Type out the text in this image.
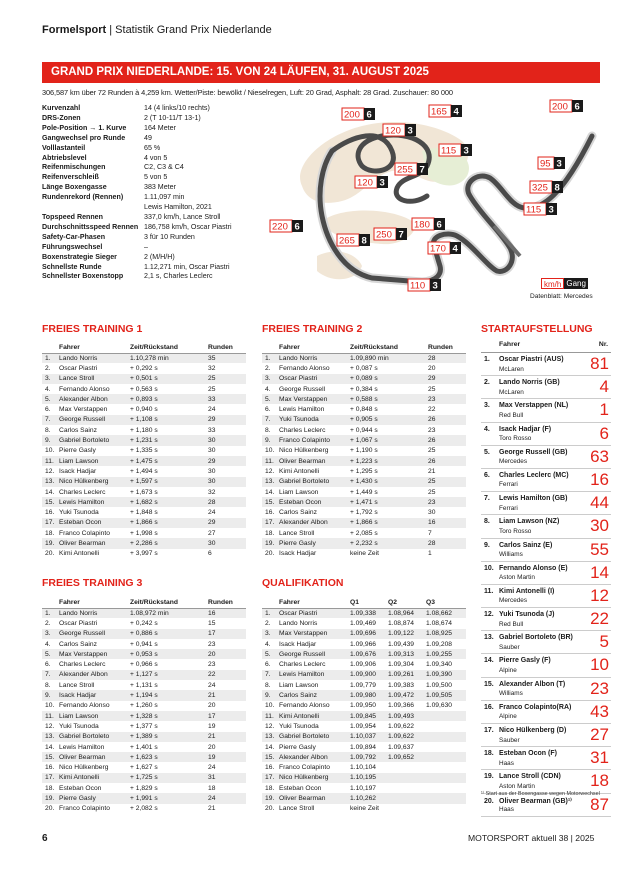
Formelsport | Statistik Grand Prix Niederlande
GRAND PRIX NIEDERLANDE: 15. VON 24 LÄUFEN, 31. AUGUST 2025
306,587 km über 72 Runden à 4,259 km. Wetter/Piste: bewölkt / Nieselregen, Luft: 20 Grad, Asphalt: 28 Grad. Zuschauer: 80 000
Kurvenzahl	14 (4 links/10 rechts)
DRS-Zonen	2 (T 10-11/T 13-1)
Pole-Position → 1. Kurve	164 Meter
Gangwechsel pro Runde	49
Volllastanteil	65 %
Abtriebslevel	4 von 5
Reifenmischungen	C2, C3 & C4
Reifenverschleiß	5 von 5
Länge Boxengasse	383 Meter
Rundenrekord (Rennen)	1.11,097 min
Lewis Hamilton, 2021
Topspeed Rennen	337,0 km/h, Lance Stroll
Durchschnittsspeed Rennen 186,758 km/h, Oscar Piastri
Safety-Car-Phasen	3 für 10 Runden
Führungswechsel	–
Boxenstrategie Sieger	2 (M/H/H)
Schnellste Runde	1.12,271 min, Oscar Piastri
Schnellster Boxenstopp	2,1 s, Charles Leclerc
200 6	165 4	200 6
120 3
115 3
95 3
255 7
120 3	325 8
115 3
220 6	180 6
250 7
265 8
170 4
110 3	km/h Gang
Datenblatt: Mercedes
FREIES TRAINING 1	FREIES TRAINING 2	STARTAUFSTELLUNG
FREIES TRAINING 3	QUALIFIKATION
	Fahrer	Zeit/Rückstand	Runden
1.	Lando Norris	1.10,278 min	35
2.	Oscar Piastri	+ 0,292 s	32
3.	Lance Stroll	+ 0,501 s	25
4.	Fernando Alonso	+ 0,563 s	25
5.	Alexander Albon	+ 0,893 s	33
6.	Max Verstappen	+ 0,940 s	24
7.	George Russell	+ 1,108 s	29
8.	Carlos Sainz	+ 1,180 s	33
9.	Gabriel Bortoleto	+ 1,231 s	30
10.	Pierre Gasly	+ 1,335 s	30
11.	Liam Lawson	+ 1,475 s	29
12.	Isack Hadjar	+ 1,494 s	30
13.	Nico Hülkenberg	+ 1,597 s	30
14.	Charles Leclerc	+ 1,673 s	32
15.	Lewis Hamilton	+ 1,682 s	28
16.	Yuki Tsunoda	+ 1,848 s	24
17.	Esteban Ocon	+ 1,866 s	29
18.	Franco Colapinto	+ 1,998 s	27
19.	Oliver Bearman	+ 2,286 s	30
20.	Kimi Antonelli	+ 3,997 s	6
	Fahrer	Zeit/Rückstand	Runden
1.	Lando Norris	1.09,890 min	28
2.	Fernando Alonso	+ 0,087 s	20
3.	Oscar Piastri	+ 0,089 s	29
4.	George Russell	+ 0,384 s	25
5.	Max Verstappen	+ 0,588 s	23
6.	Lewis Hamilton	+ 0,848 s	22
7.	Yuki Tsunoda	+ 0,905 s	26
8.	Charles Leclerc	+ 0,944 s	23
9.	Franco Colapinto	+ 1,067 s	26
10.	Nico Hülkenberg	+ 1,190 s	25
11.	Oliver Bearman	+ 1,223 s	26
12.	Kimi Antonelli	+ 1,295 s	21
13.	Gabriel Bortoleto	+ 1,430 s	25
14.	Liam Lawson	+ 1,449 s	25
15.	Esteban Ocon	+ 1,471 s	23
16.	Carlos Sainz	+ 1,792 s	30
17.	Alexander Albon	+ 1,866 s	16
18.	Lance Stroll	+ 2,085 s	7
19.	Pierre Gasly	+ 2,232 s	28
20.	Isack Hadjar	keine Zeit	1
	Fahrer	Zeit/Rückstand	Runden
1.	Lando Norris	1.08,972 min	16
2.	Oscar Piastri	+ 0,242 s	15
3.	George Russell	+ 0,886 s	17
4.	Carlos Sainz	+ 0,941 s	23
5.	Max Verstappen	+ 0,953 s	20
6.	Charles Leclerc	+ 0,966 s	23
7.	Alexander Albon	+ 1,127 s	22
8.	Lance Stroll	+ 1,131 s	24
9.	Isack Hadjar	+ 1,194 s	21
10.	Fernando Alonso	+ 1,260 s	20
11.	Liam Lawson	+ 1,328 s	17
12.	Yuki Tsunoda	+ 1,377 s	19
13.	Gabriel Bortoleto	+ 1,389 s	21
14.	Lewis Hamilton	+ 1,401 s	20
15.	Oliver Bearman	+ 1,623 s	19
16.	Nico Hülkenberg	+ 1,627 s	24
17.	Kimi Antonelli	+ 1,725 s	31
18.	Esteban Ocon	+ 1,829 s	18
19.	Pierre Gasly	+ 1,991 s	24
20.	Franco Colapinto	+ 2,082 s	21
	Fahrer	Q1	Q2	Q3
1.	Oscar Piastri	1.09,338	1.08,964	1.08,662
2.	Lando Norris	1.09,469	1.08,874	1.08,674
3.	Max Verstappen	1.09,696	1.09,122	1.08,925
4.	Isack Hadjar	1.09,966	1.09,439	1.09,208
5.	George Russell	1.09,676	1.09,313	1.09,255
6.	Charles Leclerc	1.09,906	1.09,304	1.09,340
7.	Lewis Hamilton	1.09,900	1.09,261	1.09,390
8.	Liam Lawson	1.09,779	1.09,383	1.09,500
9.	Carlos Sainz	1.09,980	1.09,472	1.09,505
10.	Fernando Alonso	1.09,950	1.09,366	1.09,630
11.	Kimi Antonelli	1.09,845	1.09,493	
12.	Yuki Tsunoda	1.09,954	1.09,622	
13.	Gabriel Bortoleto	1.10,037	1.09,622	
14.	Pierre Gasly	1.09,894	1.09,637	
15.	Alexander Albon	1.09,792	1.09,652	
16.	Franco Colapinto	1.10,104		
17.	Nico Hülkenberg	1.10,195		
18.	Esteban Ocon	1.10,197		
19.	Oliver Bearman	1.10,262		
20.	Lance Stroll	keine Zeit		
Fahrer	Nr.
1. Oscar Piastri (AUS)
McLaren	81
2. Lando Norris (GB)
McLaren	4
3. Max Verstappen (NL)
Red Bull	1
4. Isack Hadjar (F)
Toro Rosso	6
5. George Russell (GB)
Mercedes	63
6. Charles Leclerc (MC)
Ferrari	16
7. Lewis Hamilton (GB)
Ferrari	44
8. Liam Lawson (NZ)
Toro Rosso	30
9. Carlos Sainz (E)
Williams	55
10. Fernando Alonso (E)
Aston Martin	14
11. Kimi Antonelli (I)
Mercedes	12
12. Yuki Tsunoda (J)
Red Bull	22
13. Gabriel Bortoleto (BR)
Sauber	5
14. Pierre Gasly (F)
Alpine	10
15. Alexander Albon (T)
Williams	23
16. Franco Colapinto(RA)
Alpine	43
17. Nico Hülkenberg (D)
Sauber	27
18. Esteban Ocon (F)
Haas	31
19. Lance Stroll (CDN)
Aston Martin	18
20. Oliver Bearman (GB)¹⁾
Haas	87
¹⁾ Start aus der Boxengasse wegen Motorwechsel
6	MOTORSPORT aktuell 38 | 2025
